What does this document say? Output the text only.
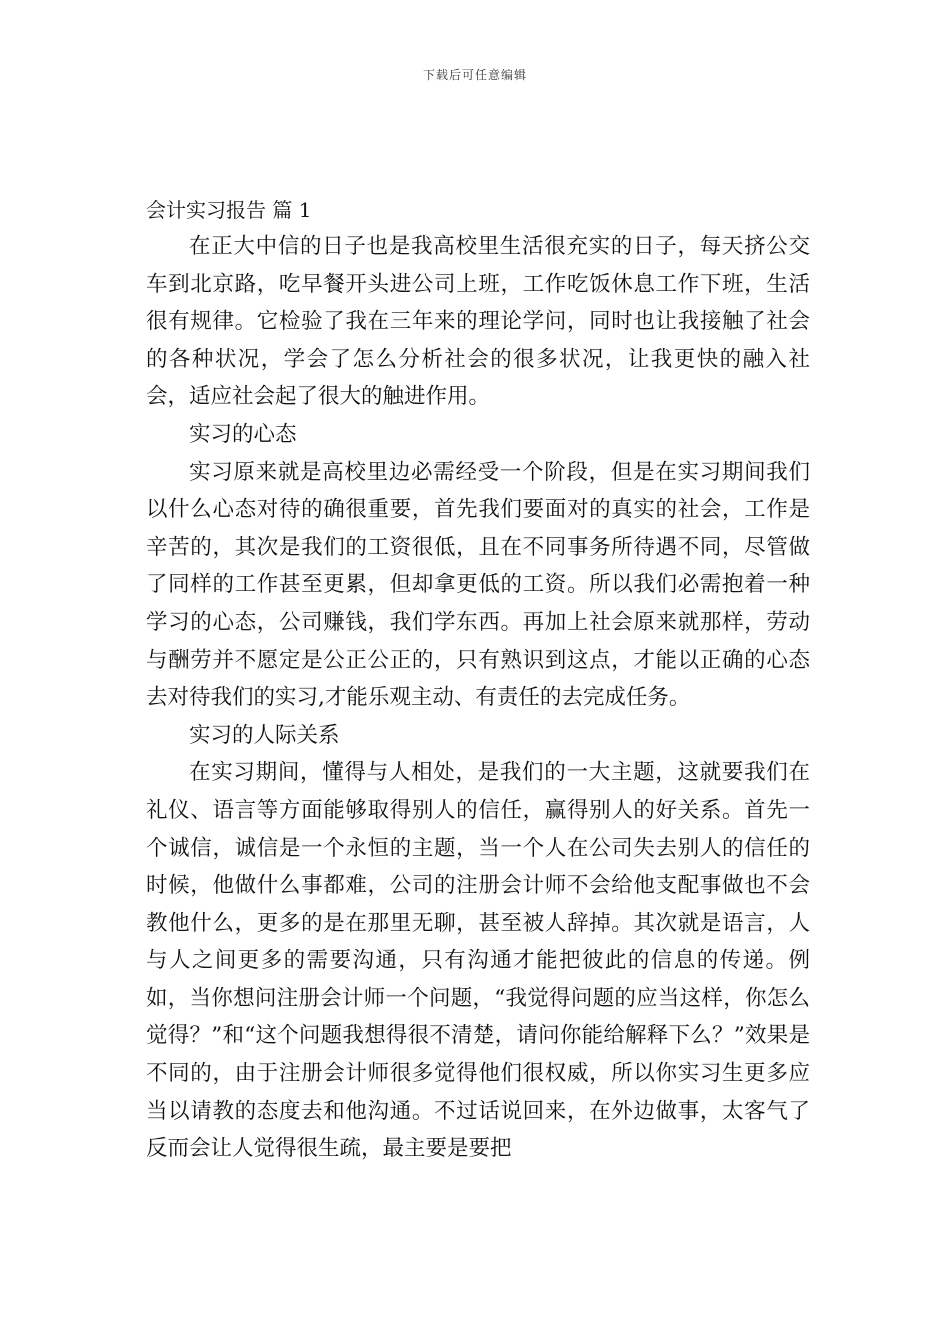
下载后可任意编辑
会计实习报告 篇 1

在正大中信的日子也是我高校里生活很充实的日子，每天挤公交车到北京路，吃早餐开头进公司上班，工作吃饭休息工作下班，生活很有规律。它检验了我在三年来的理论学问，同时也让我接触了社会的各种状况，学会了怎么分析社会的很多状况，让我更快的融入社会，适应社会起了很大的触进作用。

实习的心态

实习原来就是高校里边必需经受一个阶段，但是在实习期间我们以什么心态对待的确很重要，首先我们要面对的真实的社会，工作是辛苦的，其次是我们的工资很低，且在不同事务所待遇不同，尽管做了同样的工作甚至更累，但却拿更低的工资。所以我们必需抱着一种学习的心态，公司赚钱，我们学东西。再加上社会原来就那样，劳动与酬劳并不愿定是公正公正的，只有熟识到这点，才能以正确的心态去对待我们的实习,才能乐观主动、有责任的去完成任务。

实习的人际关系

在实习期间，懂得与人相处，是我们的一大主题，这就要我们在礼仪、语言等方面能够取得别人的信任，赢得别人的好关系。首先一个诚信，诚信是一个永恒的主题，当一个人在公司失去别人的信任的时候，他做什么事都难，公司的注册会计师不会给他支配事做也不会教他什么，更多的是在那里无聊，甚至被人辞掉。其次就是语言，人与人之间更多的需要沟通，只有沟通才能把彼此的信息的传递。例如，当你想问注册会计师一个问题，“我觉得问题的应当这样，你怎么觉得？”和“这个问题我想得很不清楚，请问你能给解释下么？”效果是不同的，由于注册会计师很多觉得他们很权威，所以你实习生更多应当以请教的态度去和他沟通。不过话说回来，在外边做事，太客气了反而会让人觉得很生疏，最主要是要把
